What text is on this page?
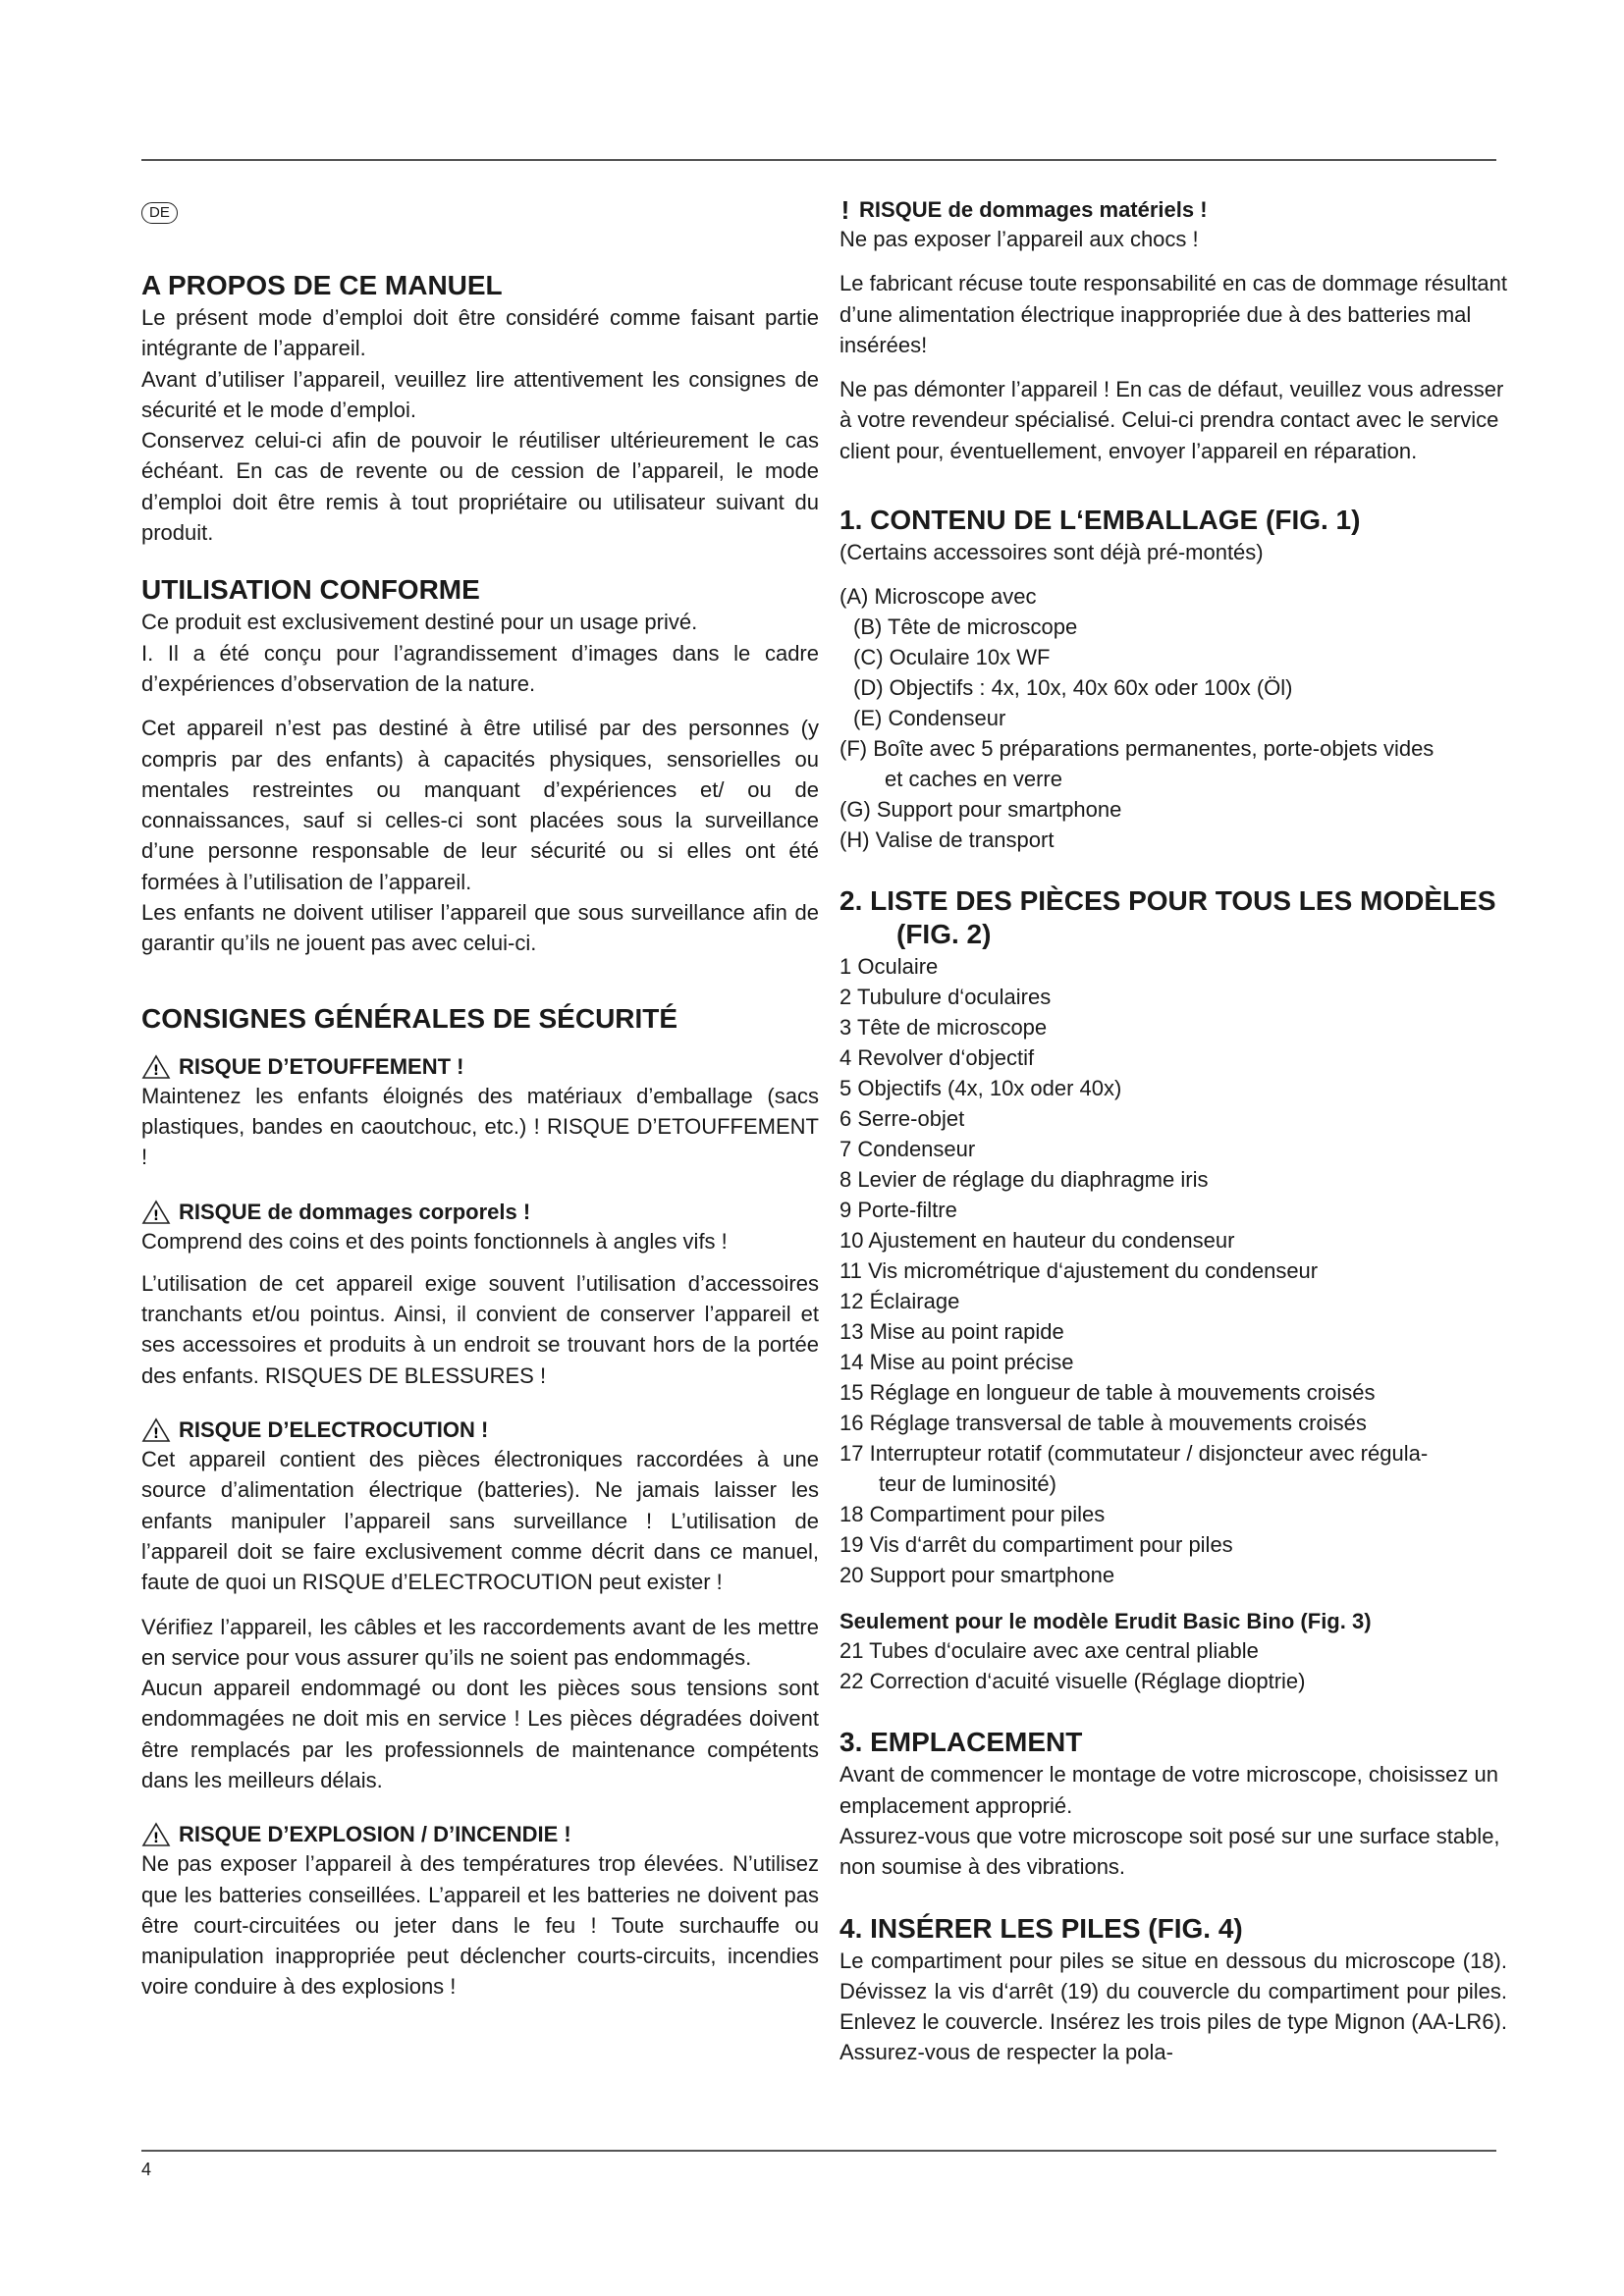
DE
A PROPOS DE CE MANUEL

Le présent mode d’emploi doit être considéré comme faisant partie intégrante de l’appareil.

Avant d’utiliser l’appareil, veuillez lire attentivement les consignes de sécurité et le mode d’emploi.

Conservez celui-ci afin de pouvoir le réutiliser ultérieurement le cas échéant. En cas de revente ou de cession de l’appareil, le mode d’emploi doit être remis à tout propriétaire ou utilisateur suivant du produit.

UTILISATION CONFORME

Ce produit est exclusivement destiné pour un usage privé.

I. Il a été conçu pour l’agrandissement d’images dans le cadre d’expériences d’observation de la nature.

Cet appareil n’est pas destiné à être utilisé par des personnes (y compris par des enfants) à capacités physiques, sensorielles ou mentales restreintes ou manquant d’expériences et/ ou de connaissances, sauf si celles-ci sont placées sous la surveillance d’une personne responsable de leur sécurité ou si elles ont été formées à l’utilisation de l’appareil.

Les enfants ne doivent utiliser l’appareil que sous surveillance afin de garantir qu’ils ne jouent pas avec celui-ci.

CONSIGNES GÉNÉRALES DE SÉCURITÉ
! RISQUE D’ETOUFFEMENT !

Maintenez les enfants éloignés des matériaux d’emballage (sacs plastiques, bandes en caoutchouc, etc.) ! RISQUE D’ETOUFFEMENT !

! RISQUE de dommages corporels !

Comprend des coins et des points fonctionnels à angles vifs !

L’utilisation de cet appareil exige souvent l’utilisation d’accessoires tranchants et/ou pointus. Ainsi, il convient de conserver l’appareil et ses accessoires et produits à un endroit se trouvant hors de la portée des enfants. RISQUES DE BLESSURES !

! RISQUE D’ELECTROCUTION !

Cet appareil contient des pièces électroniques raccordées à une source d’alimentation électrique (batteries). Ne jamais laisser les enfants manipuler l’appareil sans surveillance ! L’utilisation de l’appareil doit se faire exclusivement comme décrit dans ce manuel, faute de quoi un RISQUE d’ELECTROCUTION peut exister !

Vérifiez l’appareil, les câbles et les raccordements avant de les mettre en service pour vous assurer qu’ils ne soient pas endommagés.

Aucun appareil endommagé ou dont les pièces sous tensions sont endommagées ne doit mis en service ! Les pièces dégradées doivent être remplacés par les professionnels de maintenance compétents dans les meilleurs délais.

! RISQUE D’EXPLOSION / D’INCENDIE !

Ne pas exposer l’appareil à des températures trop élevées. N’utilisez que les batteries conseillées. L’appareil et les batteries ne doivent pas être court-circuitées ou jeter dans le feu ! Toute surchauffe ou manipulation inappropriée peut déclencher courts-circuits, incendies voire conduire à des explosions !

! RISQUE de dommages matériels !

Ne pas exposer l’appareil aux chocs !

Le fabricant récuse toute responsabilité en cas de dommage résultant d’une alimentation électrique inappropriée due à des batteries mal insérées!

Ne pas démonter l’appareil ! En cas de défaut, veuillez vous adresser à votre revendeur spécialisé. Celui-ci prendra contact avec le service client pour, éventuellement, envoyer l’appareil en réparation.

1. CONTENU DE L‘EMBALLAGE (FIG. 1)

(Certains accessoires sont déjà pré-montés)

(A) Microscope avec
(B) Tête de microscope
(C) Oculaire 10x WF
(D) Objectifs : 4x, 10x, 40x 60x oder 100x (Öl)
(E) Condenseur
(F) Boîte avec 5 préparations permanentes, porte-objets vides
et caches en verre
(G) Support pour smartphone
(H) Valise de transport
2. LISTE DES PIÈCES POUR TOUS LES MODÈLES (FIG. 2)
1 Oculaire
2 Tubulure d‘oculaires
3 Tête de microscope
4 Revolver d‘objectif
5 Objectifs (4x, 10x oder 40x)
6 Serre-objet
7 Condenseur
8 Levier de réglage du diaphragme iris
9 Porte-filtre
10 Ajustement en hauteur du condenseur
11 Vis micrométrique d‘ajustement du condenseur
12 Éclairage
13 Mise au point rapide
14 Mise au point précise
15 Réglage en longueur de table à mouvements croisés
16 Réglage transversal de table à mouvements croisés
17 Interrupteur rotatif (commutateur / disjoncteur avec régula-
teur de luminosité)
18 Compartiment pour piles
19 Vis d‘arrêt du compartiment pour piles
20 Support pour smartphone
Seulement pour le modèle Erudit Basic Bino (Fig. 3)
21 Tubes d‘oculaire avec axe central pliable
22 Correction d‘acuité visuelle (Réglage dioptrie)
3. EMPLACEMENT

Avant de commencer le montage de votre microscope, choisissez un emplacement approprié.

Assurez-vous que votre microscope soit posé sur une surface stable, non soumise à des vibrations.

4. INSÉRER LES PILES (FIG. 4)

Le compartiment pour piles se situe en dessous du microscope (18). Dévissez la vis d‘arrêt (19) du couvercle du compartiment pour piles. Enlevez le couvercle. Insérez les trois piles de type Mignon (AA-LR6). Assurez-vous de respecter la pola-

4
